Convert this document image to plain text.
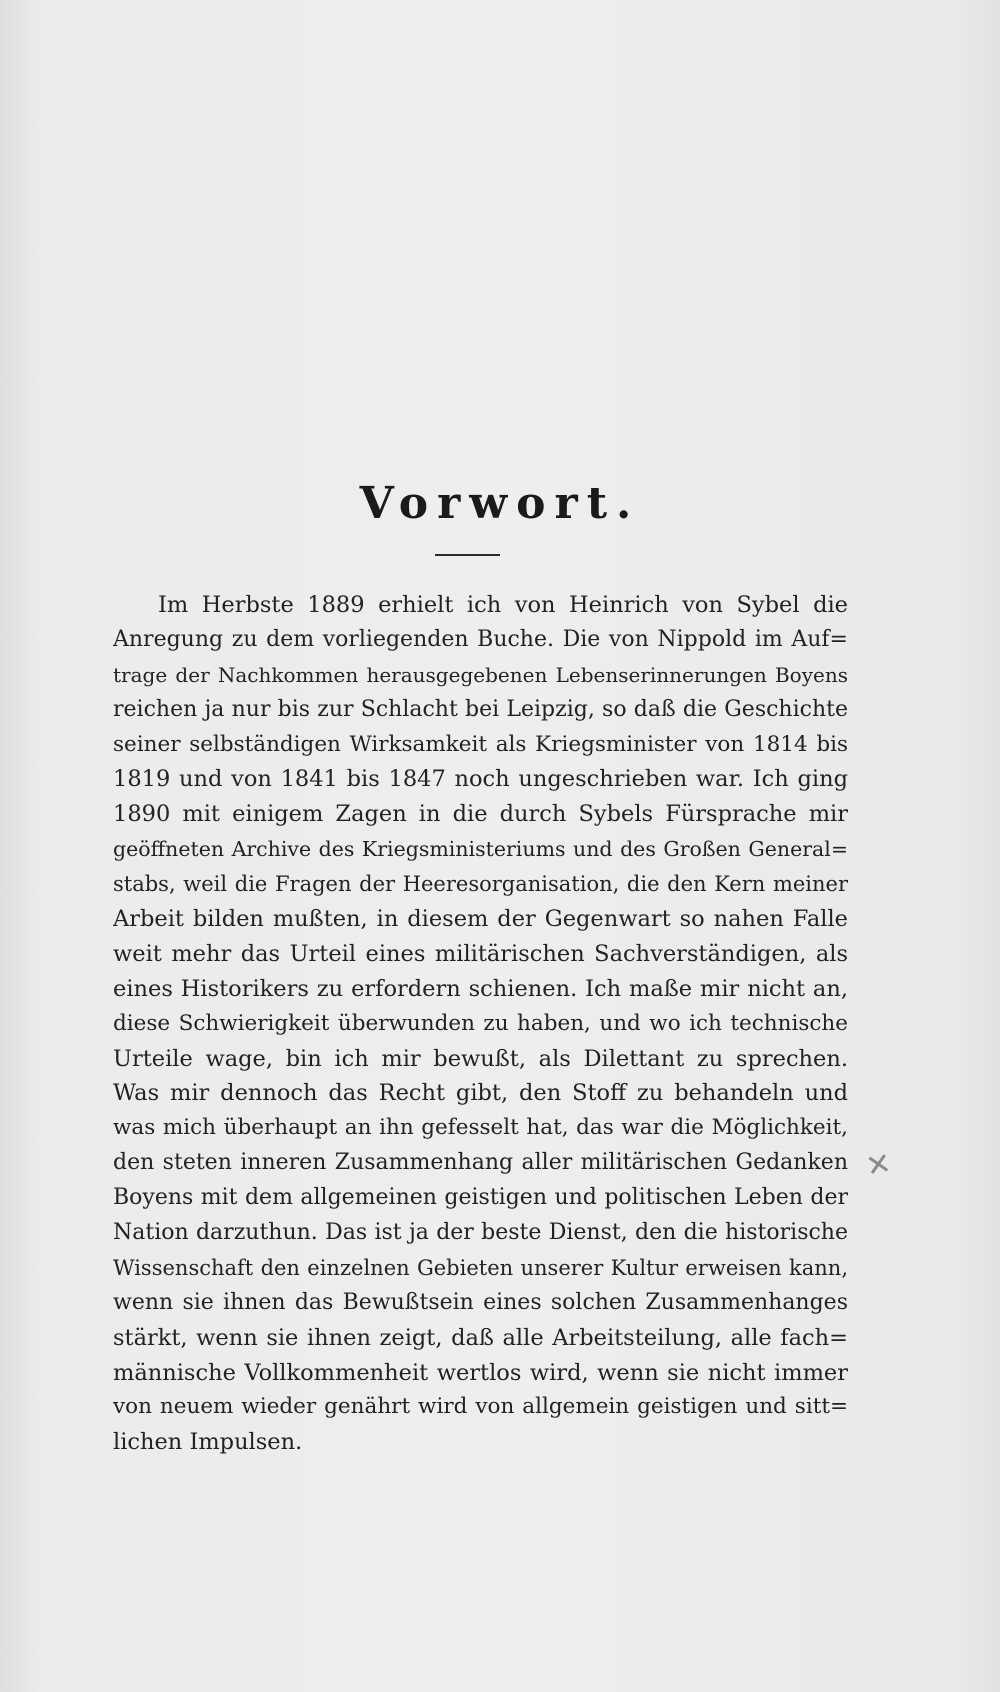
Vorwort.
Im Herbste 1889 erhielt ich von Heinrich von Sybel die
Anregung zu dem vorliegenden Buche. Die von Nippold im Auf=
trage der Nachkommen herausgegebenen Lebenserinnerungen Boyens
reichen ja nur bis zur Schlacht bei Leipzig, so daß die Geschichte
seiner selbständigen Wirksamkeit als Kriegsminister von 1814 bis
1819 und von 1841 bis 1847 noch ungeschrieben war. Ich ging
1890 mit einigem Zagen in die durch Sybels Fürsprache mir
geöffneten Archive des Kriegsministeriums und des Großen General=
stabs, weil die Fragen der Heeresorganisation, die den Kern meiner
Arbeit bilden mußten, in diesem der Gegenwart so nahen Falle
weit mehr das Urteil eines militärischen Sachverständigen, als
eines Historikers zu erfordern schienen. Ich maße mir nicht an,
diese Schwierigkeit überwunden zu haben, und wo ich technische
Urteile wage, bin ich mir bewußt, als Dilettant zu sprechen.
Was mir dennoch das Recht gibt, den Stoff zu behandeln und
was mich überhaupt an ihn gefesselt hat, das war die Möglichkeit,
den steten inneren Zusammenhang aller militärischen Gedanken
Boyens mit dem allgemeinen geistigen und politischen Leben der
Nation darzuthun. Das ist ja der beste Dienst, den die historische
Wissenschaft den einzelnen Gebieten unserer Kultur erweisen kann,
wenn sie ihnen das Bewußtsein eines solchen Zusammenhanges
stärkt, wenn sie ihnen zeigt, daß alle Arbeitsteilung, alle fach=
männische Vollkommenheit wertlos wird, wenn sie nicht immer
von neuem wieder genährt wird von allgemein geistigen und sitt=
lichen Impulsen.
✕
